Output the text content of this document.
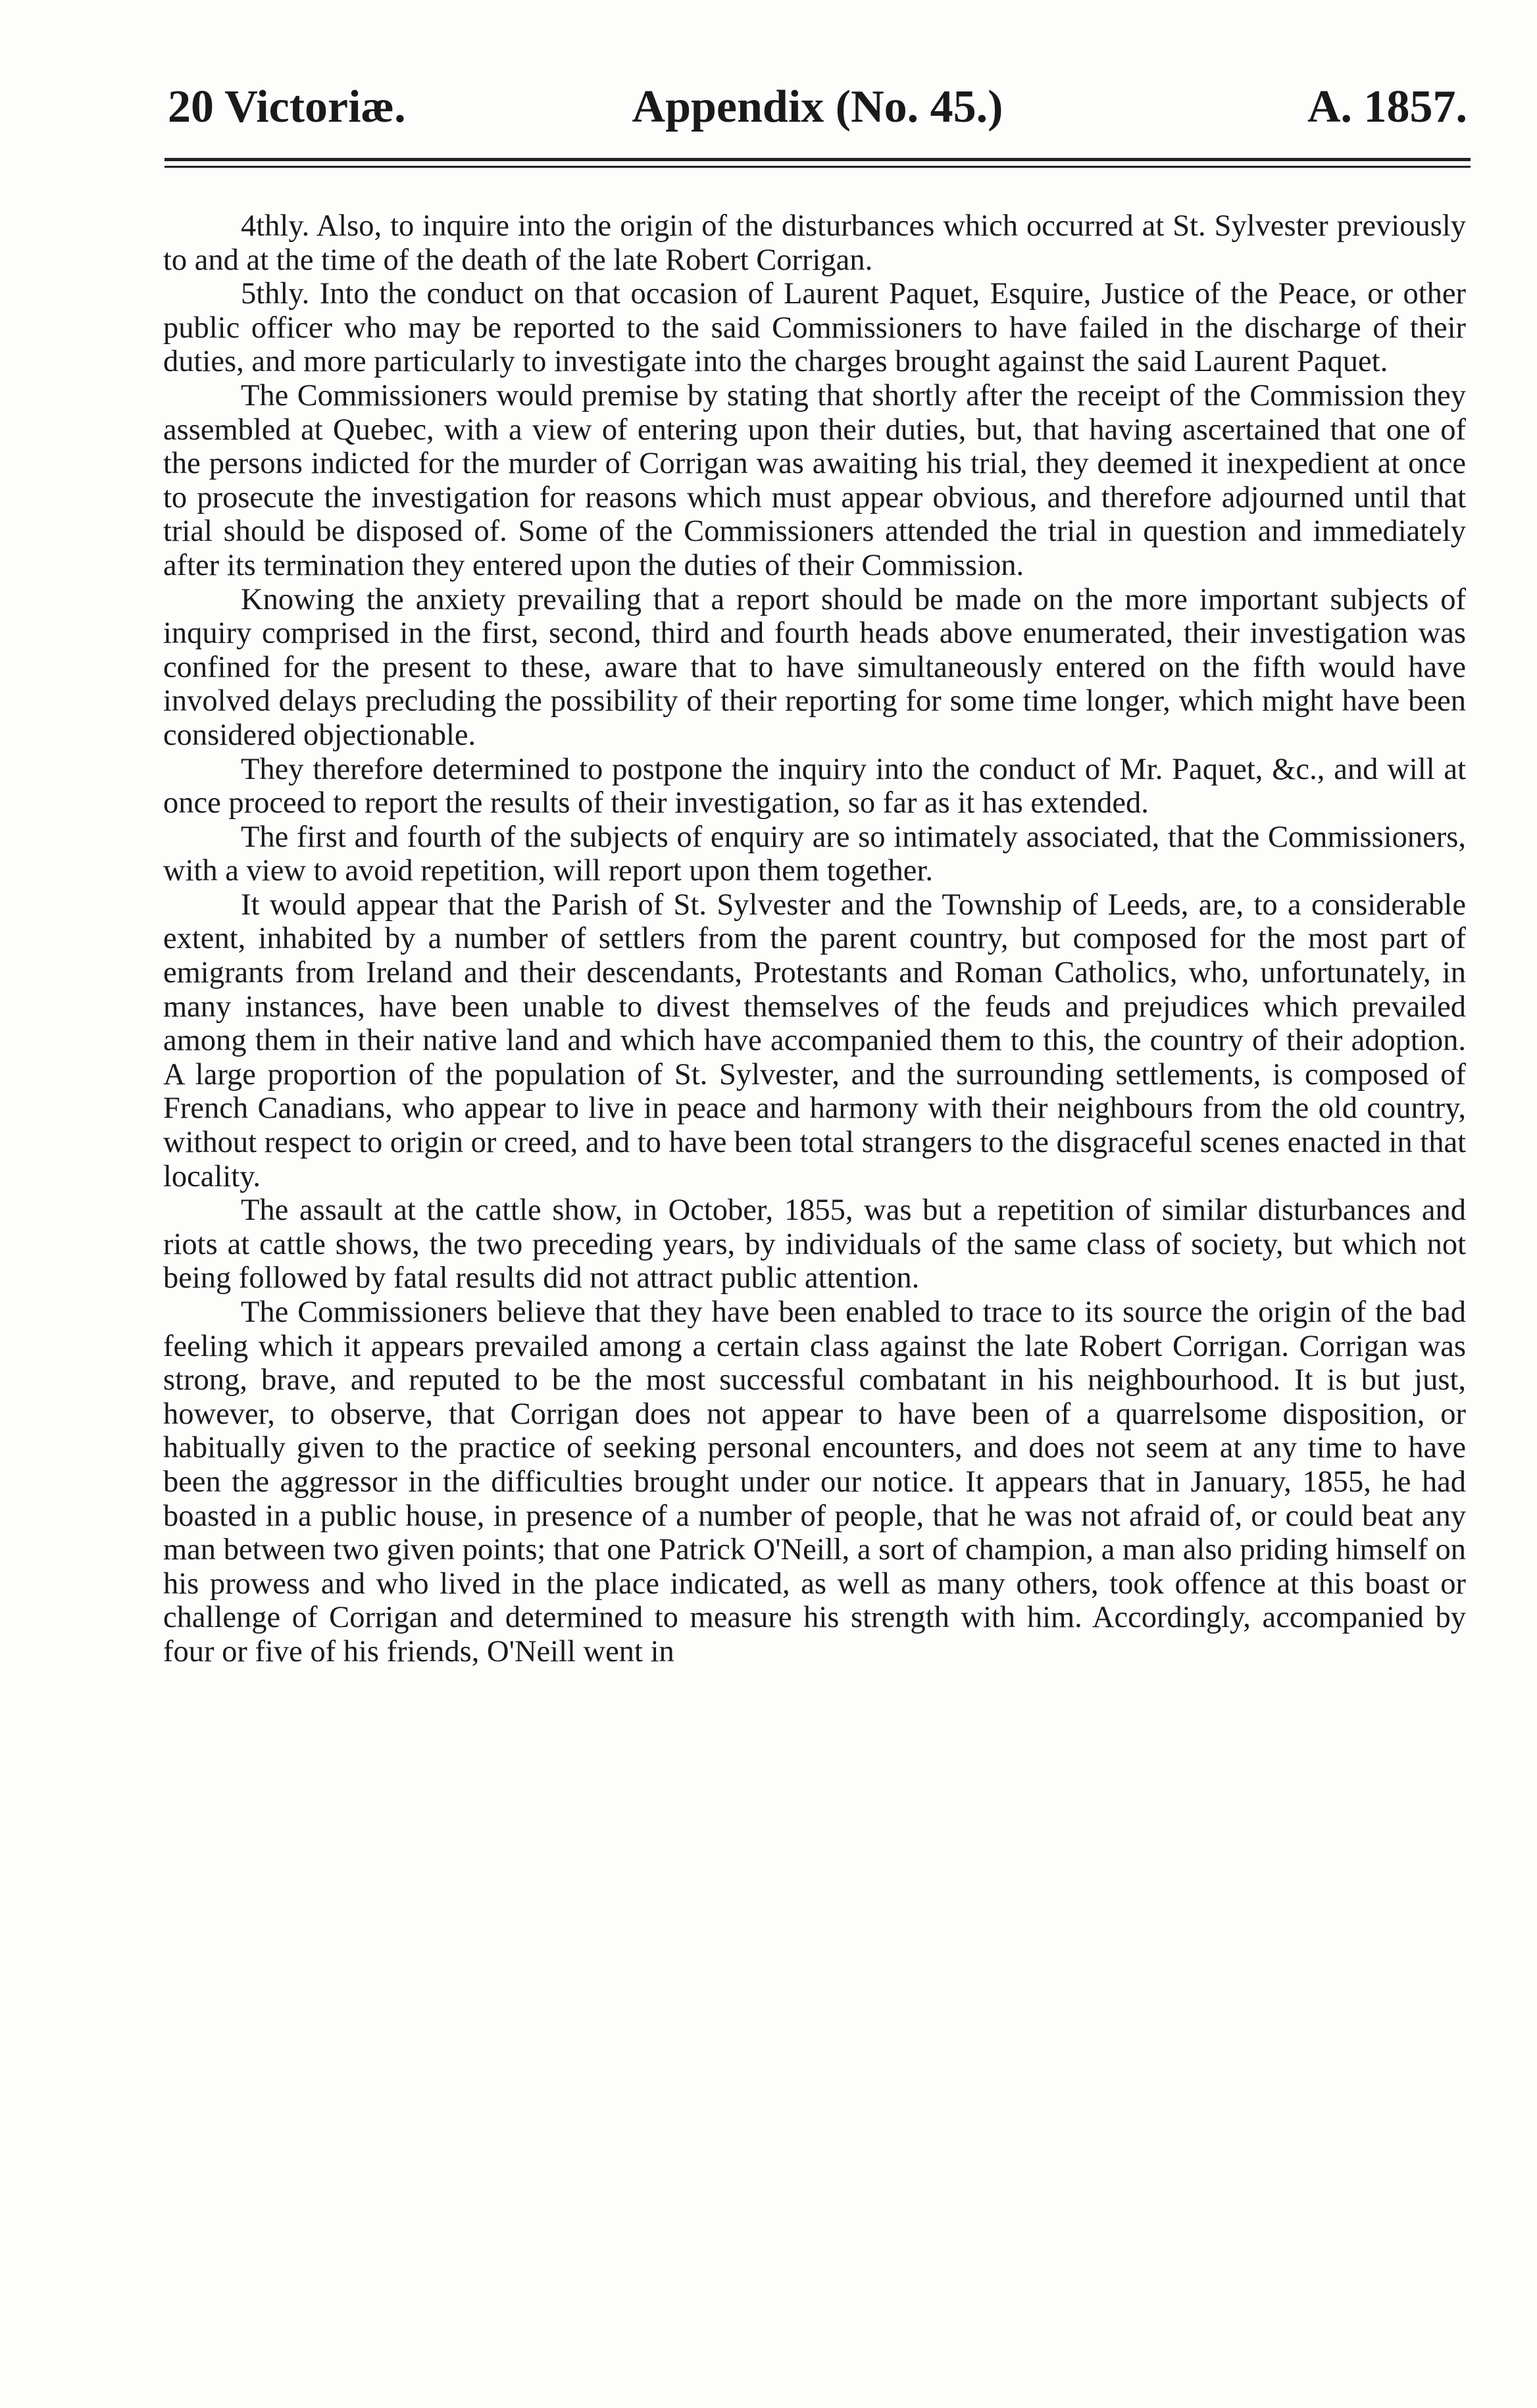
20 Victoriæ.	Appendix (No. 45.)	A. 1857.

4thly. Also, to inquire into the origin of the disturbances which occurred at St. Sylvester previously to and at the time of the death of the late Robert Corrigan.

5thly. Into the conduct on that occasion of Laurent Paquet, Esquire, Justice of the Peace, or other public officer who may be reported to the said Commissioners to have failed in the discharge of their duties, and more particularly to investigate into the charges brought against the said Laurent Paquet.

The Commissioners would premise by stating that shortly after the receipt of the Commission they assembled at Quebec, with a view of entering upon their duties, but, that having ascertained that one of the persons indicted for the murder of Corrigan was awaiting his trial, they deemed it inexpedient at once to prosecute the investigation for reasons which must appear obvious, and therefore adjourned until that trial should be disposed of. Some of the Commissioners attended the trial in question and immediately after its termination they entered upon the duties of their Commission.

Knowing the anxiety prevailing that a report should be made on the more important subjects of inquiry comprised in the first, second, third and fourth heads above enumerated, their investigation was confined for the present to these, aware that to have simultaneously entered on the fifth would have involved delays precluding the possibility of their reporting for some time longer, which might have been considered objectionable.

They therefore determined to postpone the inquiry into the conduct of Mr. Paquet, &c., and will at once proceed to report the results of their investigation, so far as it has extended.

The first and fourth of the subjects of enquiry are so intimately associated, that the Commissioners, with a view to avoid repetition, will report upon them together.

It would appear that the Parish of St. Sylvester and the Township of Leeds, are, to a considerable extent, inhabited by a number of settlers from the parent country, but composed for the most part of emigrants from Ireland and their descendants, Protestants and Roman Catholics, who, unfortunately, in many instances, have been unable to divest themselves of the feuds and prejudices which prevailed among them in their native land and which have accompanied them to this, the country of their adoption. A large proportion of the population of St. Sylvester, and the surrounding settlements, is composed of French Canadians, who appear to live in peace and harmony with their neighbours from the old country, without respect to origin or creed, and to have been total strangers to the disgraceful scenes enacted in that locality.

The assault at the cattle show, in October, 1855, was but a repetition of similar disturbances and riots at cattle shows, the two preceding years, by individuals of the same class of society, but which not being followed by fatal results did not attract public attention.

The Commissioners believe that they have been enabled to trace to its source the origin of the bad feeling which it appears prevailed among a certain class against the late Robert Corrigan. Corrigan was strong, brave, and reputed to be the most successful combatant in his neighbourhood. It is but just, however, to observe, that Corrigan does not appear to have been of a quarrelsome disposition, or habitually given to the practice of seeking personal encounters, and does not seem at any time to have been the aggressor in the difficulties brought under our notice. It appears that in January, 1855, he had boasted in a public house, in presence of a number of people, that he was not afraid of, or could beat any man between two given points; that one Patrick O'Neill, a sort of champion, a man also priding himself on his prowess and who lived in the place indicated, as well as many others, took offence at this boast or challenge of Corrigan and determined to measure his strength with him. Accordingly, accompanied by four or five of his friends, O'Neill went in
